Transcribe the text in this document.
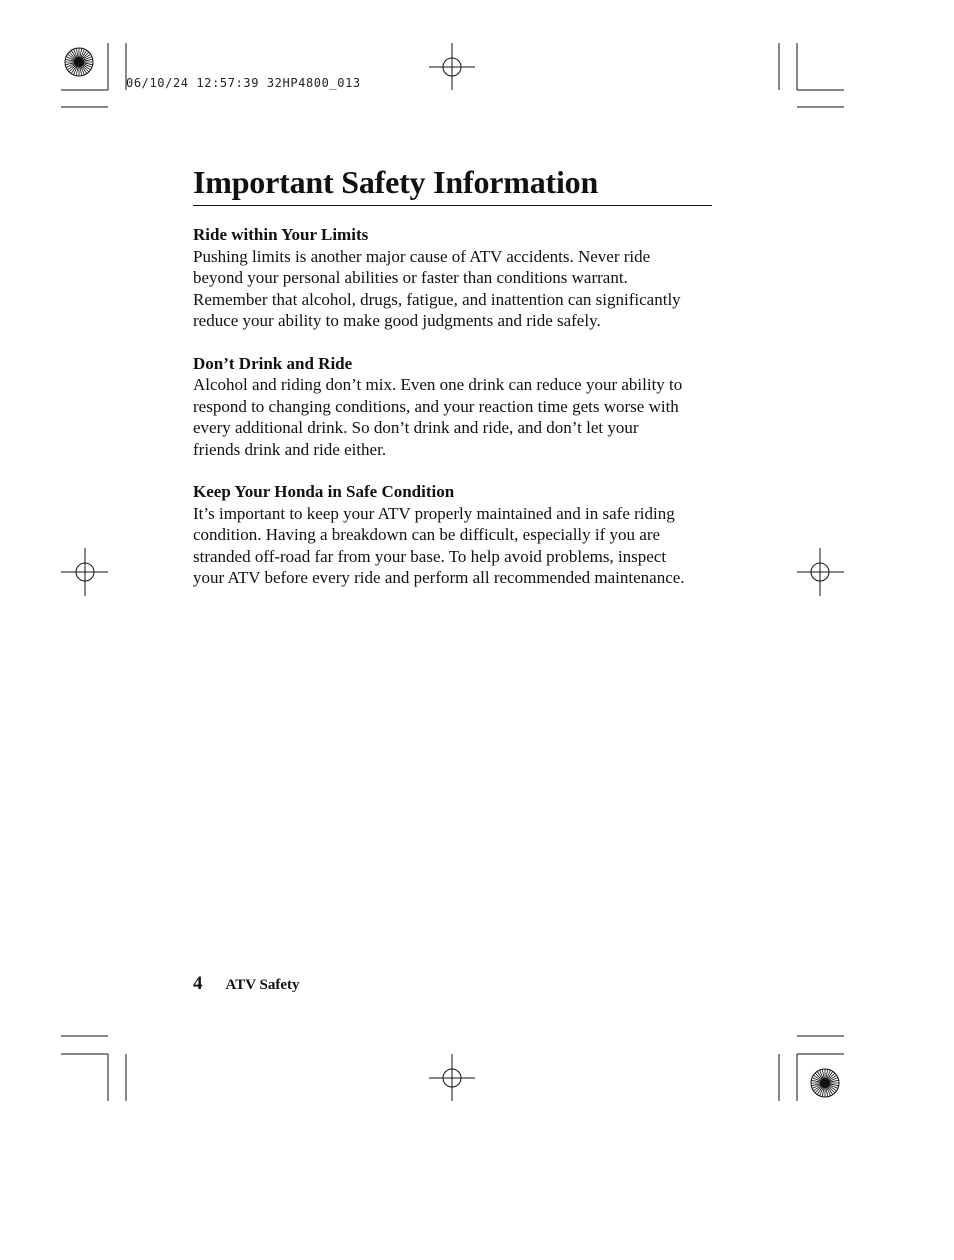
06/10/24 12:57:39 32HP4800_013
Important Safety Information
Ride within Your Limits

Pushing limits is another major cause of ATV accidents. Never ride
beyond your personal abilities or faster than conditions warrant.
Remember that alcohol, drugs, fatigue, and inattention can significantly
reduce your ability to make good judgments and ride safely.

Don’t Drink and Ride

Alcohol and riding don’t mix. Even one drink can reduce your ability to
respond to changing conditions, and your reaction time gets worse with
every additional drink. So don’t drink and ride, and don’t let your
friends drink and ride either.

Keep Your Honda in Safe Condition

It’s important to keep your ATV properly maintained and in safe riding
condition. Having a breakdown can be difficult, especially if you are
stranded off-road far from your base. To help avoid problems, inspect
your ATV before every ride and perform all recommended maintenance.

4 ATV Safety
